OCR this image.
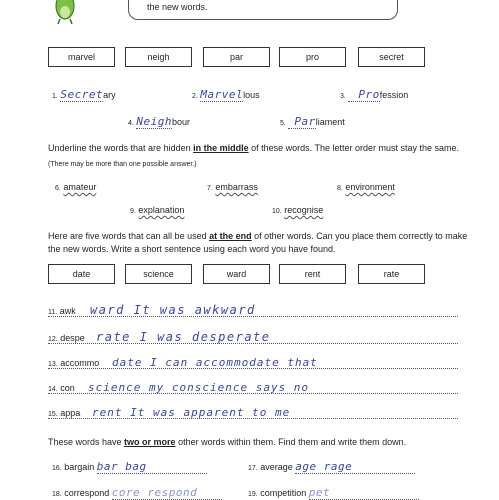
the new words.
marvel	neigh	par	pro	secret
1. Secretary	2. Marvellous	3. Profession
4. Neighbour	5. Parliament
Underline the words that are hidden in the middle of these words. The letter order must stay the same. (There may be more than one possible answer.)
6. amateur	7. embarrass	8. environment
9. explanation	10. recognise
Here are five words that can all be used at the end of other words. Can you place them correctly to make the new words. Write a short sentence using each word you have found.
date	science	ward	rent	rate
11. awk ward It was awkward
12. despe rate I was desperate
13. accommo date I can accommodate that
14. con science my conscience says no
15. appa rent It was apparent to me
These words have two or more other words within them. Find them and write them down.
16. bargain bar bag	17. average age rage
18. correspond core respond	19. competition pet
